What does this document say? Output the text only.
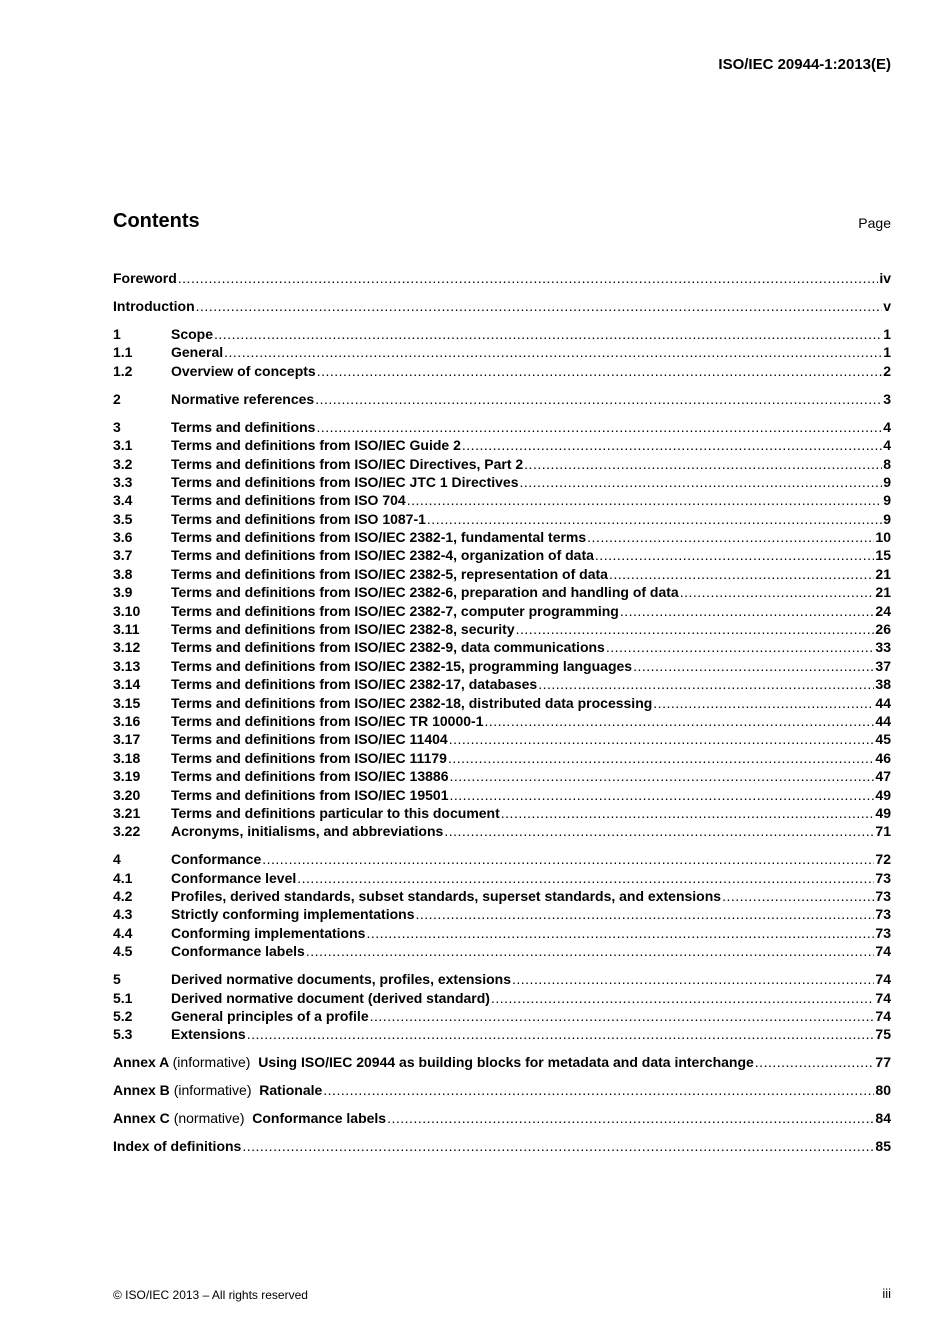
ISO/IEC 20944-1:2013(E)
Contents	Page
Foreword .....	iv
Introduction .....	v
1	Scope .....	1
1.1	General .....	1
1.2	Overview of concepts .....	2
2	Normative references .....	3
3	Terms and definitions .....	4
3.1	Terms and definitions from ISO/IEC Guide 2 .....	4
3.2	Terms and definitions from ISO/IEC Directives, Part 2 .....	8
3.3	Terms and definitions from ISO/IEC JTC 1 Directives .....	9
3.4	Terms and definitions from ISO 704 .....	9
3.5	Terms and definitions from ISO 1087-1 .....	9
3.6	Terms and definitions from ISO/IEC 2382-1, fundamental terms .....	10
3.7	Terms and definitions from ISO/IEC 2382-4, organization of data .....	15
3.8	Terms and definitions from ISO/IEC 2382-5, representation of data .....	21
3.9	Terms and definitions from ISO/IEC 2382-6, preparation and handling of data .....	21
3.10	Terms and definitions from ISO/IEC 2382-7, computer programming .....	24
3.11	Terms and definitions from ISO/IEC 2382-8, security .....	26
3.12	Terms and definitions from ISO/IEC 2382-9, data communications .....	33
3.13	Terms and definitions from ISO/IEC 2382-15, programming languages .....	37
3.14	Terms and definitions from ISO/IEC 2382-17, databases .....	38
3.15	Terms and definitions from ISO/IEC 2382-18, distributed data processing .....	44
3.16	Terms and definitions from ISO/IEC TR 10000-1 .....	44
3.17	Terms and definitions from ISO/IEC 11404 .....	45
3.18	Terms and definitions from ISO/IEC 11179 .....	46
3.19	Terms and definitions from ISO/IEC 13886 .....	47
3.20	Terms and definitions from ISO/IEC 19501 .....	49
3.21	Terms and definitions particular to this document .....	49
3.22	Acronyms, initialisms, and abbreviations .....	71
4	Conformance .....	72
4.1	Conformance level .....	73
4.2	Profiles, derived standards, subset standards, superset standards, and extensions .....	73
4.3	Strictly conforming implementations .....	73
4.4	Conforming implementations .....	73
4.5	Conformance labels .....	74
5	Derived normative documents, profiles, extensions .....	74
5.1	Derived normative document (derived standard) .....	74
5.2	General principles of a profile .....	74
5.3	Extensions .....	75
Annex A (informative) Using ISO/IEC 20944 as building blocks for metadata and data interchange .....	77
Annex B (informative) Rationale .....	80
Annex C (normative) Conformance labels .....	84
Index of definitions .....	85
© ISO/IEC 2013 – All rights reserved	iii
